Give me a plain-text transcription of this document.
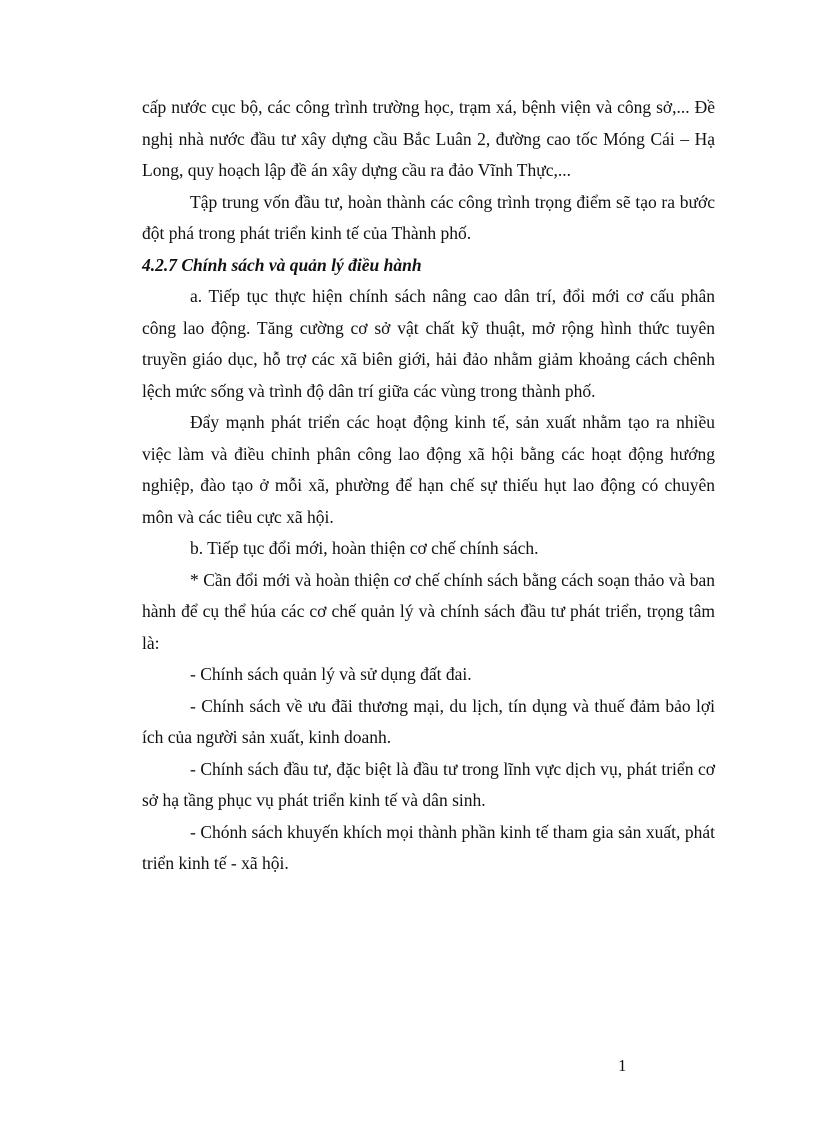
cấp nước cục bộ, các công trình trường học, trạm xá, bệnh viện và công sở,... Đề nghị nhà nước đầu tư xây dựng cầu Bắc Luân 2, đường cao tốc Móng Cái – Hạ Long, quy hoạch lập đề án xây dựng cầu ra đảo Vĩnh Thực,...

Tập trung vốn đầu tư, hoàn thành các công trình trọng điểm sẽ tạo ra bước đột phá trong phát triển kinh tế của Thành phố.

4.2.7 Chính sách và quản lý điều hành

a. Tiếp tục thực hiện chính sách nâng cao dân trí, đổi mới cơ cấu phân công lao động. Tăng cường cơ sở vật chất kỹ thuật, mở rộng hình thức tuyên truyền giáo dục, hỗ trợ các xã biên giới, hải đảo nhằm giảm khoảng cách chênh lệch mức sống và trình độ dân trí giữa các vùng trong thành phố.

Đẩy mạnh phát triển các hoạt động kinh tế, sản xuất nhằm tạo ra nhiều việc làm và điều chỉnh phân công lao động xã hội bằng các hoạt động hướng nghiệp, đào tạo ở mỗi xã, phường để hạn chế sự thiếu hụt lao động có chuyên môn và các tiêu cực xã hội.

b. Tiếp tục đổi mới, hoàn thiện cơ chế chính sách.

* Cần đổi mới và hoàn thiện cơ chế chính sách bằng cách soạn thảo và ban hành để cụ thể húa các cơ chế quản lý và chính sách đầu tư phát triển, trọng tâm là:

- Chính sách quản lý và sử dụng đất đai.

- Chính sách về ưu đãi thương mại, du lịch, tín dụng và thuế đảm bảo lợi ích của người sản xuất, kinh doanh.

- Chính sách đầu tư, đặc biệt là đầu tư trong lĩnh vực dịch vụ, phát triển cơ sở hạ tầng phục vụ phát triển kinh tế và dân sinh.

- Chónh sách khuyến khích mọi thành phần kinh tế tham gia sản xuất, phát triển kinh tế - xã hội.

1
